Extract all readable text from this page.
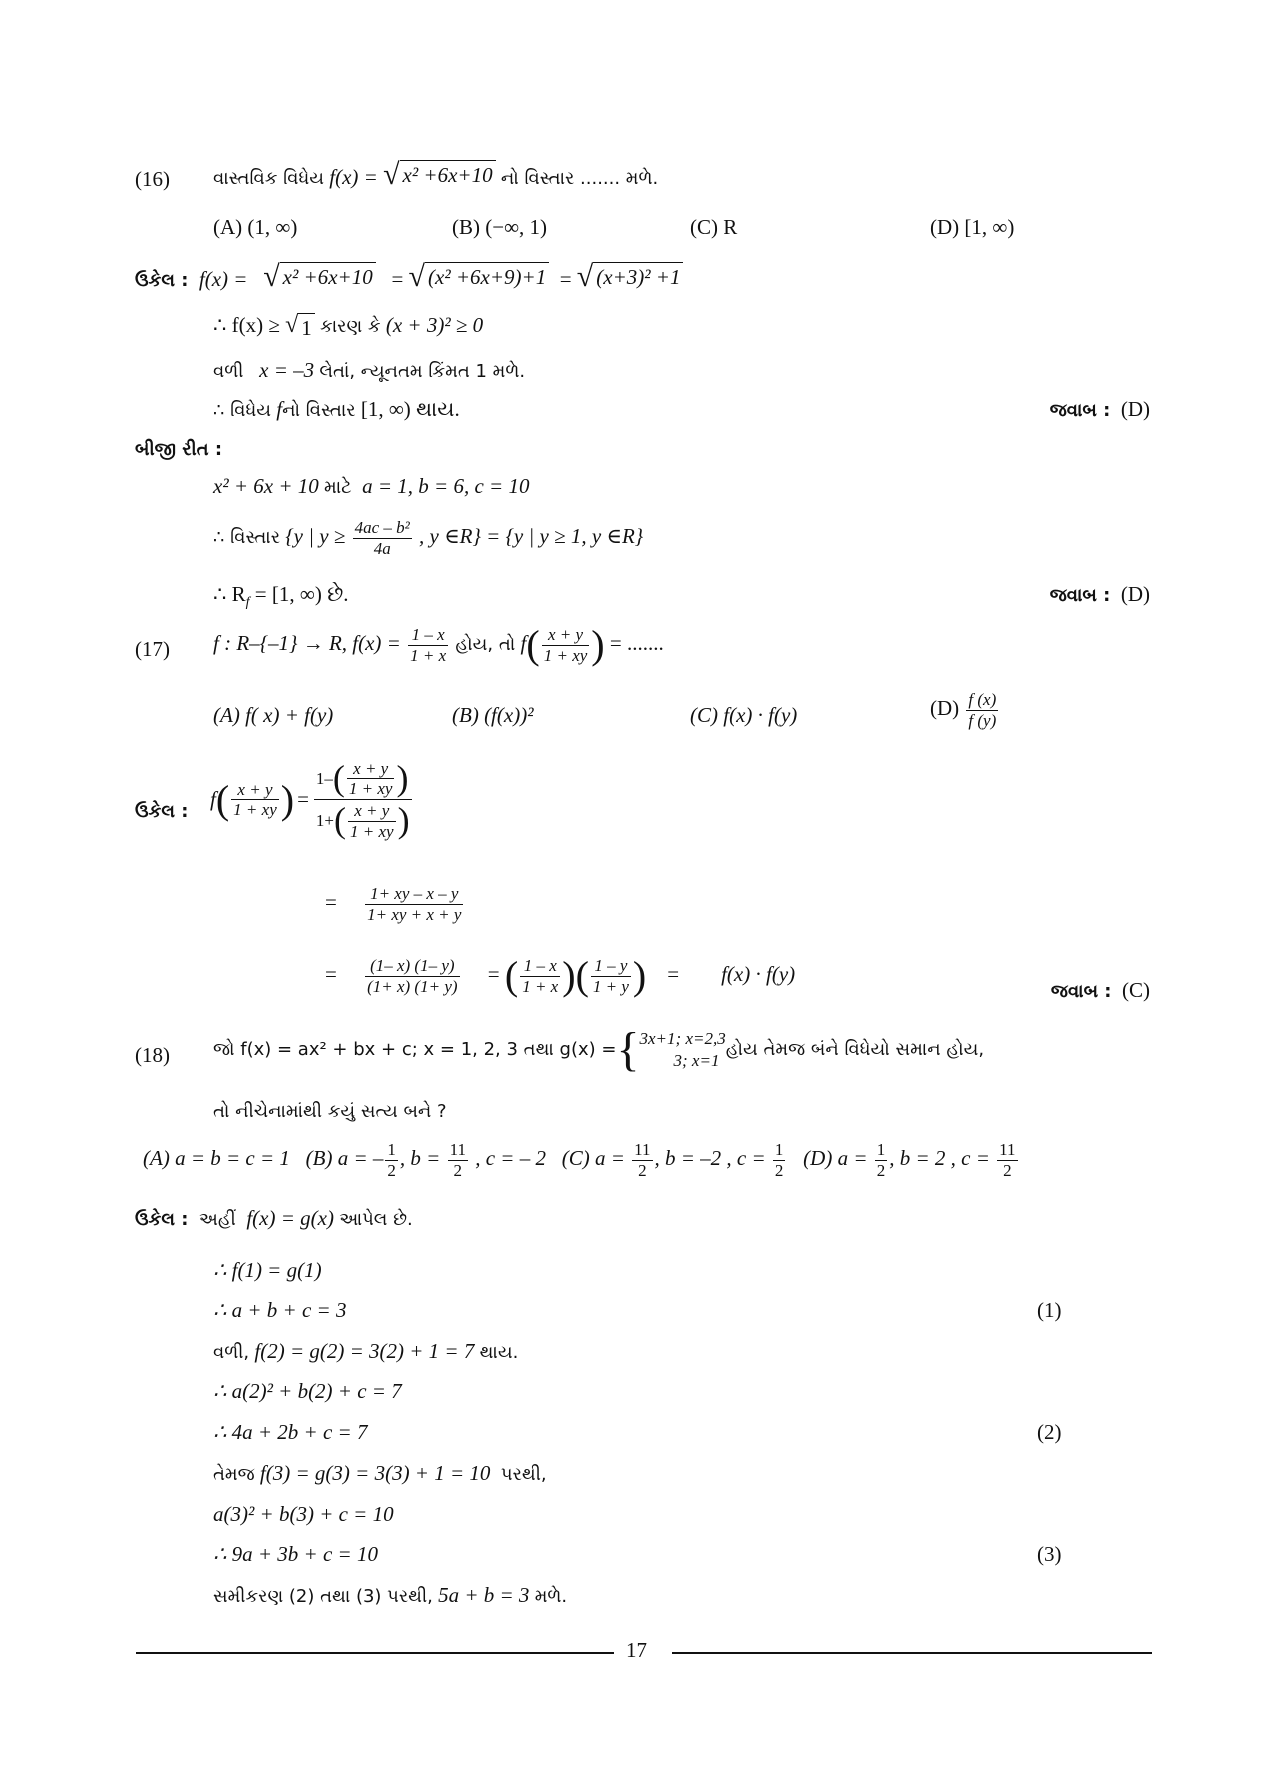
(16) વાસ્તવિક વિધેય f(x) = √ x² +6x+10 નો વિસ્તાર ....... મળે.
(A) (1, ∞)	(B) (−∞, 1)	(C) R	(D) [1, ∞)
ઉકેલ : f(x) = √ x² +6x+10 = √ (x² +6x+9)+1 = √ (x+3)² +1
∴ f(x) ≥ √ 1 કારણ કે (x + 3)² ≥ 0
વળી x = –3 લેતાં, ન્યૂનતમ કિંમત 1 મળે.
∴ વિધેય fનો વિસ્તાર [1, ∞) થાય.	જવાબ : (D)
બીજી રીત :
x² + 6x + 10 માટે a = 1, b = 6, c = 10
∴ વિસ્તાર {y | $y \ge \frac{\text{4ac – b²}}{4a}$ , y ∈R} = {y | y ≥ 1, y ∈R}
∴ $R_f = [1$, ∞) છે.	જવાબ : (D)
(17) f : R–{–1} → R, $f(x) = \frac{1 - x}{1 + x}$ હોય, તો $f( \frac{x + y}{1 + xy}$ ) = .......
(A) f( x) + f(y)	(B) (f(x))²	(C) f(x) · f(y)	$(D) \frac{f (x)}{f (y)}$
ઉકેલ :
f ( $\frac{x + y}{1 + xy}$ ) = $\frac{1- ( \frac{x + y}{1 + xy} )}{1+ ( \frac{x + y}{1 + xy} )}$
= $\frac{1+ xy - x - y}{1+ xy + x + y}$
= $\frac{(1- x) (1- y)}{(1+ x) (1+ y)}$ = ( $\frac{1 - x}{1 + x}$ )( $\frac{1 - y}{1 + y}$ ) = f(x) · f(y)
જવાબ : (C)
(18) જો f(x) = ax² + bx + c; x = 1, 2, 3 તથા g(x) = { 3x+1; x=2,3
3; x=1
હોય તેમજ બંને વિધેયો સમાન હોય,
તો નીચેનામાંથી કયું સત્ય બને ?
(A) a = b = c = 1 (B) a = – $\frac{1}{2}$ , $b = \frac{11}{2}$ , c = – 2 (C) $a = \frac{11}{2}$ , b = –2 , $c = \frac{1}{2} (D) a = \frac{1}{2}$ , b = 2 , $c = \frac{11}{2}$
ઉકેલ : અહીં f(x) = g(x) આપેલ છે.
∴ f(1) = g(1)
∴ a + b + c = 3	(1)
વળી, f(2) = g(2) = 3(2) + 1 = 7 થાય.
∴ a(2)² + b(2) + c = 7
∴ 4a + 2b + c = 7	(2)
તેમજ f(3) = g(3) = 3(3) + 1 = 10 પરથી,
a(3)² + b(3) + c = 10
∴ 9a + 3b + c = 10	(3)
સમીકરણ (2) તથા (3) પરથી, 5a + b = 3 મળે.
17
